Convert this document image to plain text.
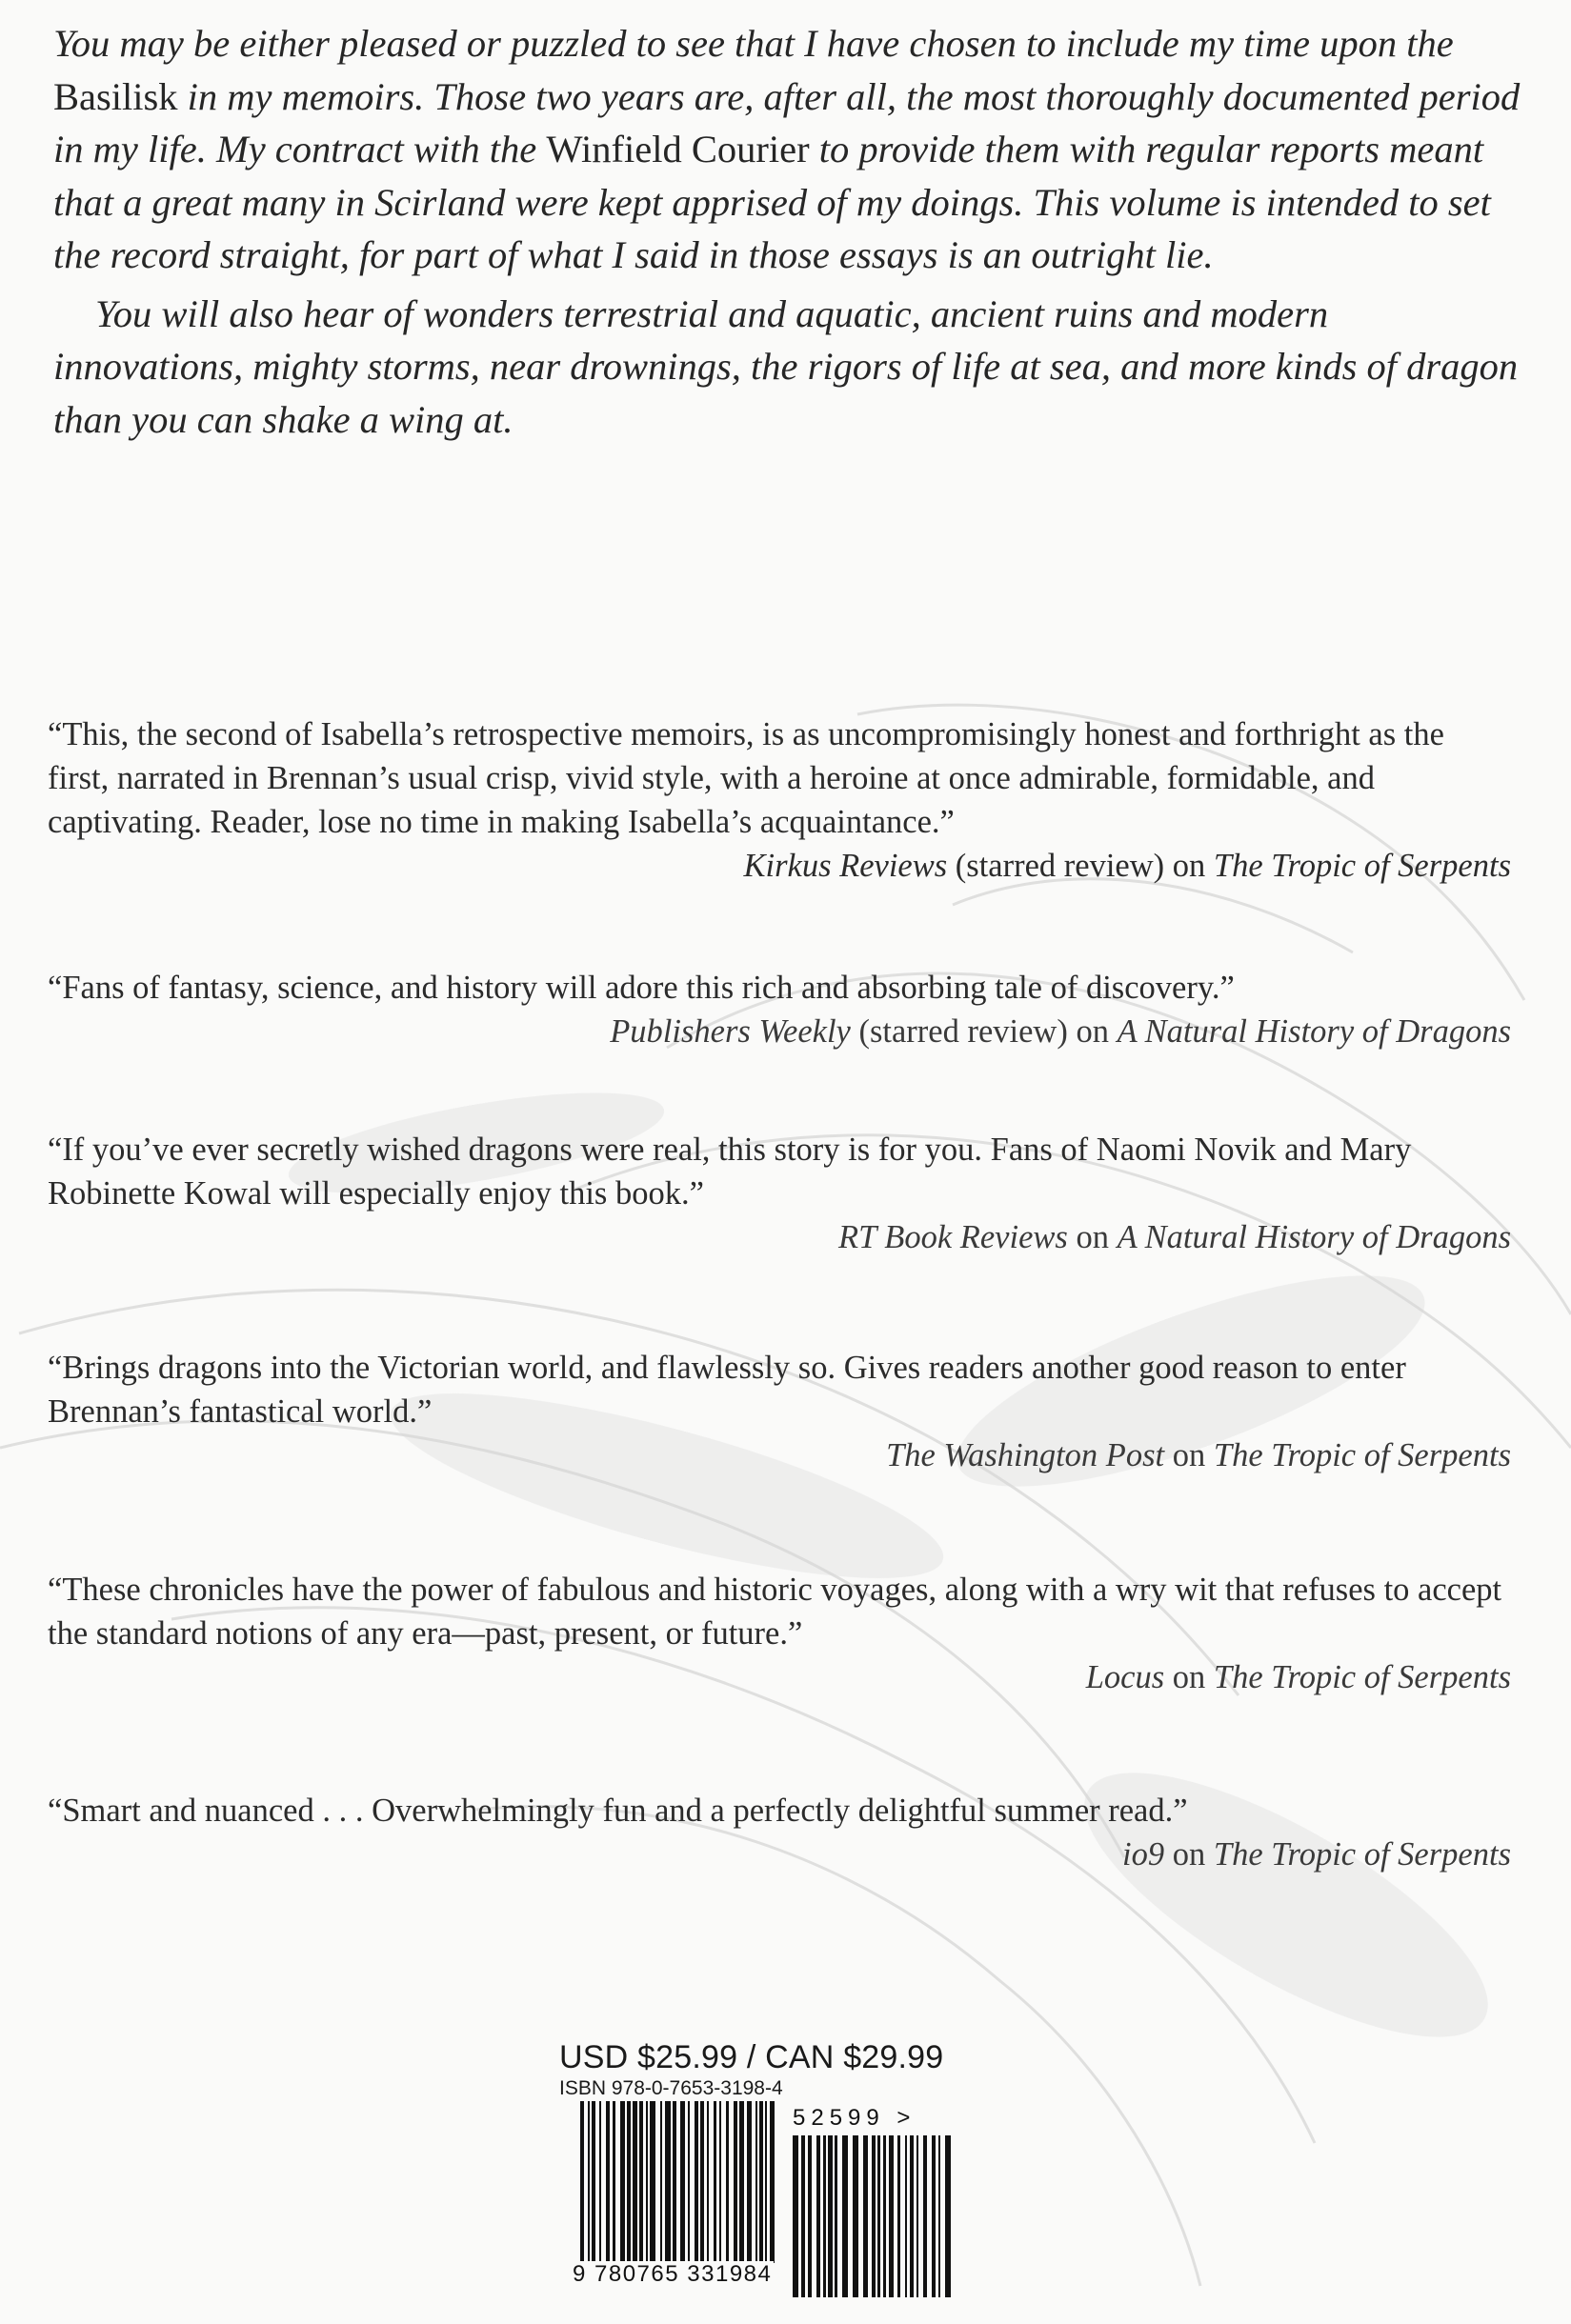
You may be either pleased or puzzled to see that I have chosen to include my time upon the Basilisk in my memoirs. Those two years are, after all, the most thoroughly documented period in my life. My contract with the Winfield Courier to provide them with regular reports meant that a great many in Scirland were kept apprised of my doings. This volume is intended to set the record straight, for part of what I said in those essays is an outright lie.

You will also hear of wonders terrestrial and aquatic, ancient ruins and modern innovations, mighty storms, near drownings, the rigors of life at sea, and more kinds of dragon than you can shake a wing at.

“This, the second of Isabella’s retrospective memoirs, is as uncompromisingly honest and forthright as the first, narrated in Brennan’s usual crisp, vivid style, with a heroine at once admirable, formidable, and captivating. Reader, lose no time in making Isabella’s acquaintance.”
Kirkus Reviews (starred review) on The Tropic of Serpents

“Fans of fantasy, science, and history will adore this rich and absorbing tale of discovery.”

Publishers Weekly (starred review) on A Natural History of Dragons

“If you’ve ever secretly wished dragons were real, this story is for you. Fans of Naomi Novik and Mary Robinette Kowal will especially enjoy this book.”

RT Book Reviews on A Natural History of Dragons

“Brings dragons into the Victorian world, and flawlessly so. Gives readers another good reason to enter Brennan’s fantastical world.”

The Washington Post on The Tropic of Serpents

“These chronicles have the power of fabulous and historic voyages, along with a wry wit that refuses to accept the standard notions of any era—past, present, or future.”

Locus on The Tropic of Serpents

“Smart and nuanced . . . Overwhelmingly fun and a perfectly delightful summer read.”

io9 on The Tropic of Serpents

USD $25.99 / CAN $29.99

ISBN 978-0-7653-3198-4

9 780765 331984
52599 >
